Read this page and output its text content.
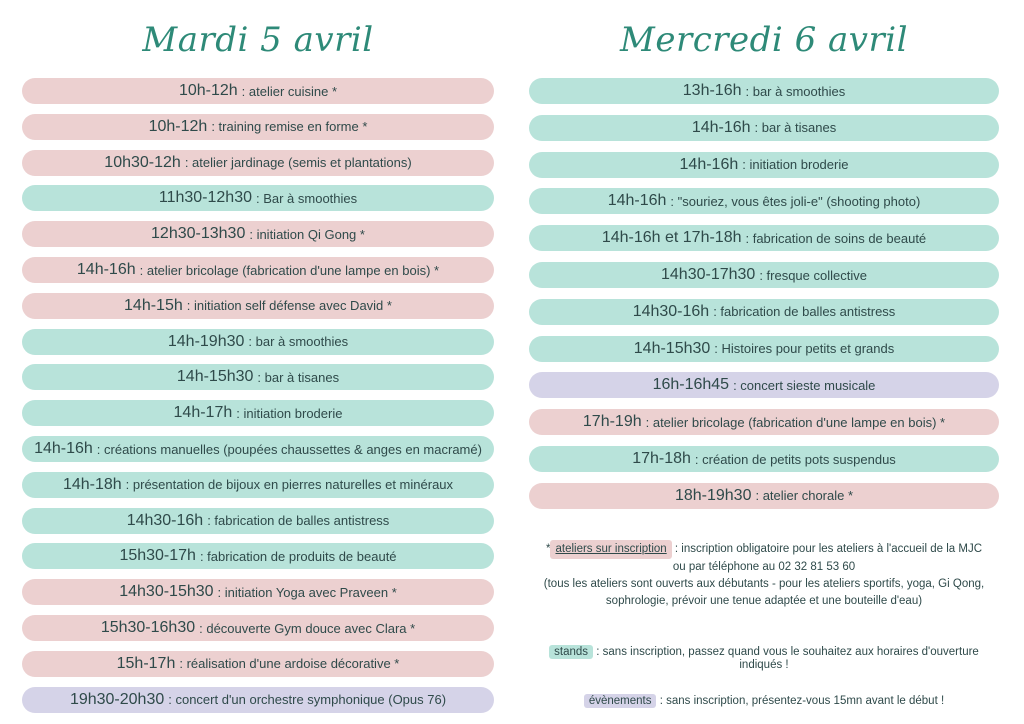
Mardi 5 avril
10h-12h : atelier cuisine *
10h-12h : training remise en forme *
10h30-12h : atelier jardinage (semis et plantations)
11h30-12h30 : Bar à smoothies
12h30-13h30 : initiation Qi Gong *
14h-16h : atelier bricolage (fabrication d'une lampe en bois) *
14h-15h : initiation self défense avec David *
14h-19h30 : bar à smoothies
14h-15h30 : bar à tisanes
14h-17h : initiation broderie
14h-16h : créations manuelles (poupées chaussettes & anges en macramé)
14h-18h : présentation de bijoux en pierres naturelles et minéraux
14h30-16h : fabrication de balles antistress
15h30-17h : fabrication de produits de beauté
14h30-15h30 : initiation Yoga avec Praveen *
15h30-16h30 : découverte Gym douce avec Clara *
15h-17h : réalisation d'une ardoise décorative *
19h30-20h30 : concert d'un orchestre symphonique (Opus 76)
Mercredi 6 avril
13h-16h : bar à smoothies
14h-16h : bar à tisanes
14h-16h : initiation broderie
14h-16h : "souriez, vous êtes joli-e" (shooting photo)
14h-16h et 17h-18h : fabrication de soins de beauté
14h30-17h30 : fresque collective
14h30-16h : fabrication de balles antistress
14h-15h30 : Histoires pour petits et grands
16h-16h45 : concert sieste musicale
17h-19h : atelier bricolage (fabrication d'une lampe en bois) *
17h-18h : création de petits pots suspendus
18h-19h30 : atelier chorale *
* ateliers sur inscription : inscription obligatoire pour les ateliers à l'accueil de la MJC
ou par téléphone au 02 32 81 53 60
(tous les ateliers sont ouverts aux débutants - pour les ateliers sportifs, yoga, Gi Qong,
sophrologie, prévoir une tenue adaptée et une bouteille d'eau)
stands : sans inscription, passez quand vous le souhaitez aux horaires d'ouverture indiqués !
évènements : sans inscription, présentez-vous 15mn avant le début !
